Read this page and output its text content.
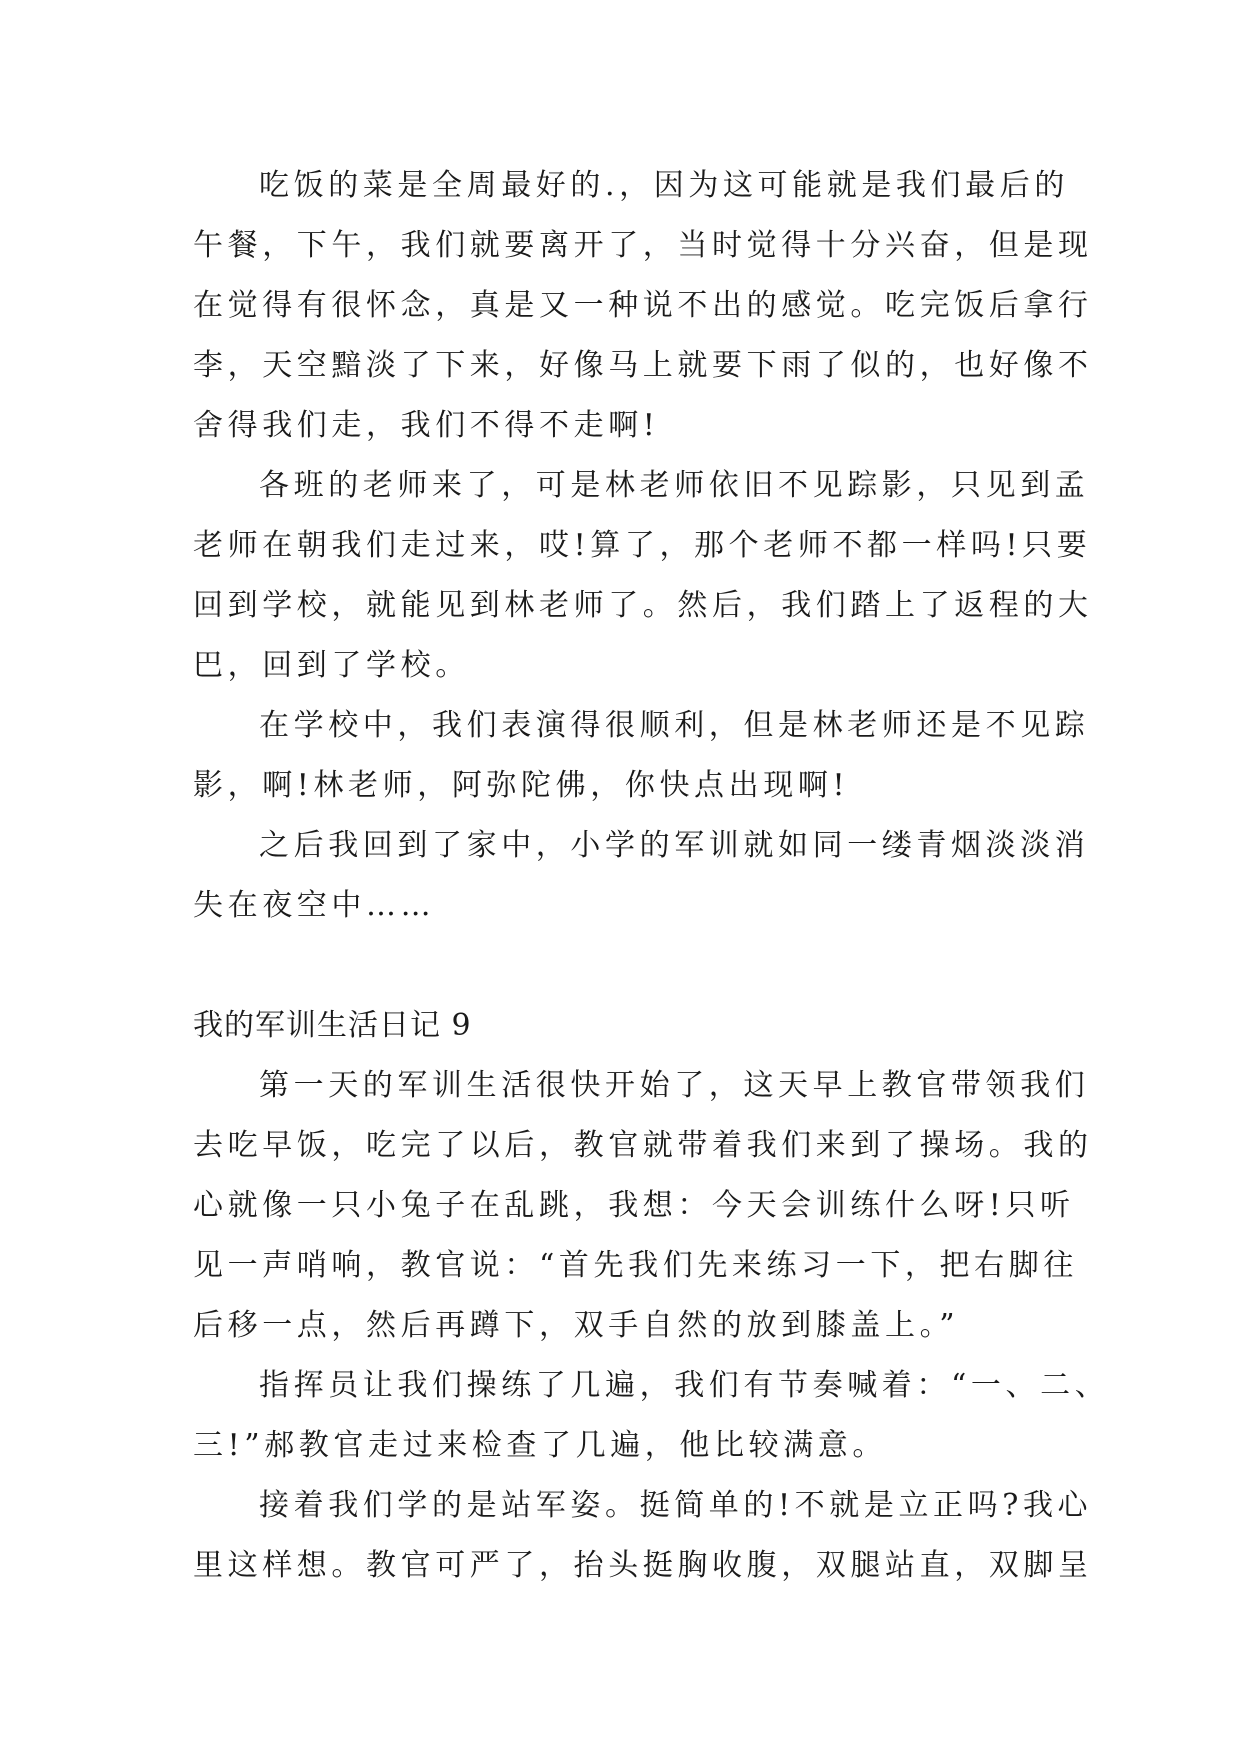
吃饭的菜是全周最好的.，因为这可能就是我们最后的
午餐，下午，我们就要离开了，当时觉得十分兴奋，但是现
在觉得有很怀念，真是又一种说不出的感觉。吃完饭后拿行
李，天空黯淡了下来，好像马上就要下雨了似的，也好像不
舍得我们走，我们不得不走啊!

各班的老师来了，可是林老师依旧不见踪影，只见到孟
老师在朝我们走过来，哎!算了，那个老师不都一样吗!只要
回到学校，就能见到林老师了。然后，我们踏上了返程的大
巴，回到了学校。

在学校中，我们表演得很顺利，但是林老师还是不见踪
影，啊!林老师，阿弥陀佛，你快点出现啊!

之后我回到了家中，小学的军训就如同一缕青烟淡淡消
失在夜空中……

我的军训生活日记 9

第一天的军训生活很快开始了，这天早上教官带领我们
去吃早饭，吃完了以后，教官就带着我们来到了操场。我的
心就像一只小兔子在乱跳，我想：今天会训练什么呀!只听
见一声哨响，教官说：“首先我们先来练习一下，把右脚往
后移一点，然后再蹲下，双手自然的放到膝盖上。”

指挥员让我们操练了几遍，我们有节奏喊着：“一、二、
三!”郝教官走过来检查了几遍，他比较满意。

接着我们学的是站军姿。挺简单的!不就是立正吗?我心
里这样想。教官可严了，抬头挺胸收腹，双腿站直，双脚呈
